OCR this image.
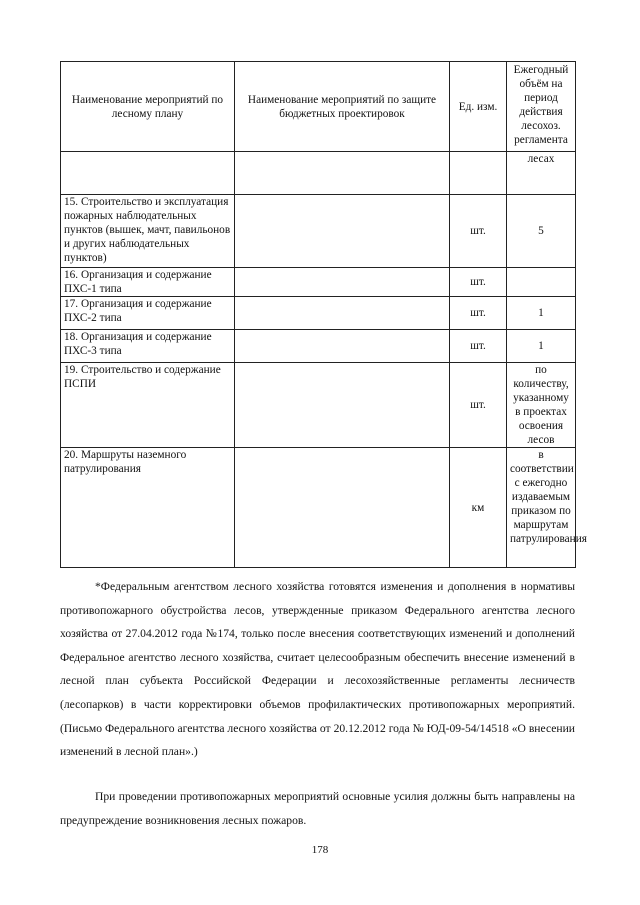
Наименование мероприятий по лесному плану	Наименование мероприятий по защите бюджетных проектировок	Ед. изм.	Ежегодный объём на период действия лесохоз. регламента
			лесах
15. Строительство и эксплуатация пожарных наблюдательных пунктов (вышек, мачт, павильонов и других наблюдательных пунктов)		шт.	5
16. Организация и содержание ПХС-1 типа		шт.	
17. Организация и содержание ПХС-2 типа		шт.	1
18. Организация и содержание ПХС-3 типа		шт.	1
19. Строительство и содержание ПСПИ		шт.	по количеству, указанному в проектах освоения лесов
20. Маршруты наземного патрулирования		км	в соответствии с ежегодно издаваемым приказом по маршрутам патрулирования

*Федеральным агентством лесного хозяйства готовятся изменения и дополнения в нормативы противопожарного обустройства лесов, утвержденные приказом Федерального агентства лесного хозяйства от 27.04.2012 года №174, только после внесения соответствующих изменений и дополнений Федеральное агентство лесного хозяйства, считает целесообразным обеспечить внесение изменений в лесной план субъекта Российской Федерации и лесохозяйственные регламенты лесничеств (лесопарков) в части корректировки объемов профилактических противопожарных мероприятий. (Письмо Федерального агентства лесного хозяйства от 20.12.2012 года № ЮД-09-54/14518 «О внесении изменений в лесной план».)

При проведении противопожарных мероприятий основные усилия должны быть направлены на предупреждение возникновения лесных пожаров.

178
